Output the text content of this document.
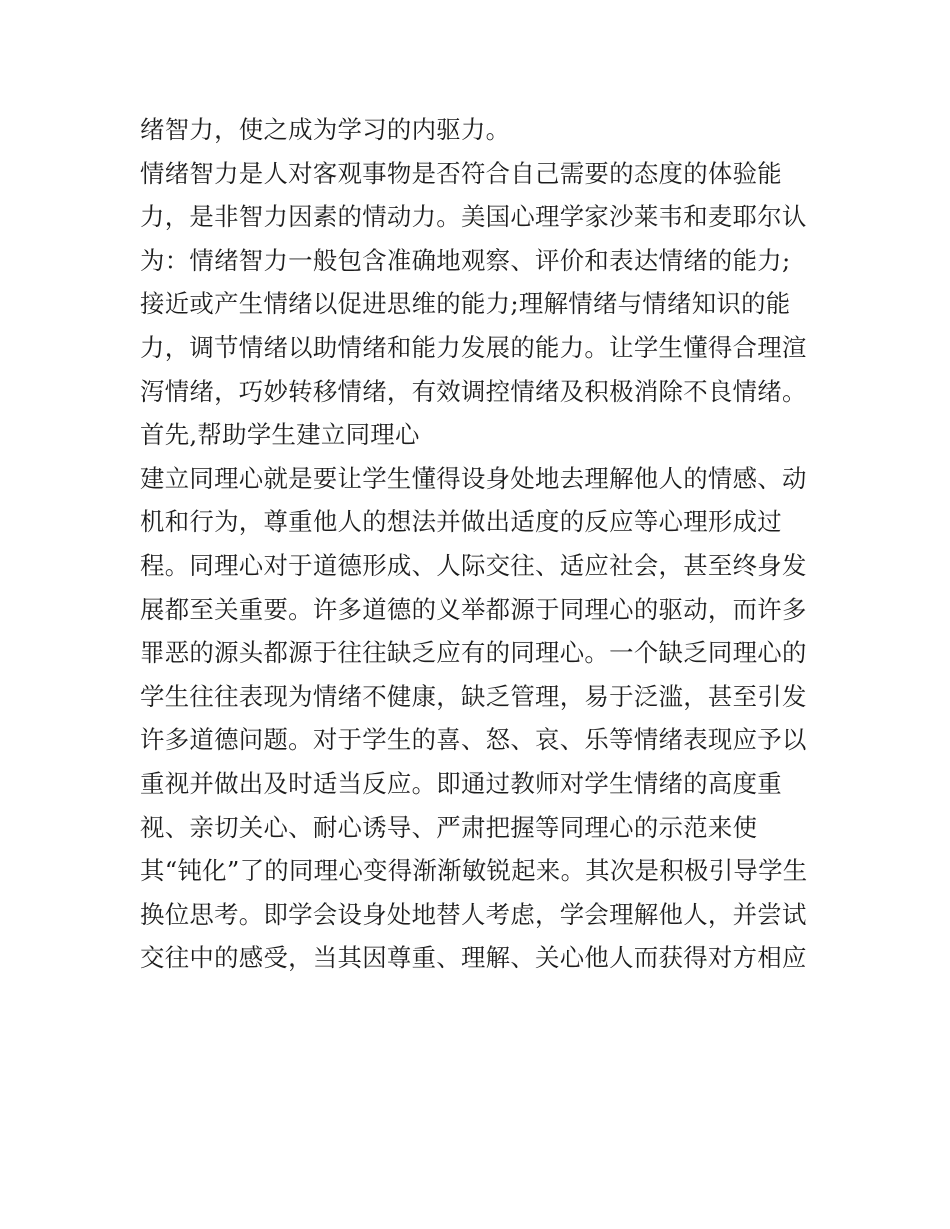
绪智力，使之成为学习的内驱力。
情绪智力是人对客观事物是否符合自己需要的态度的体验能
力，是非智力因素的情动力。美国心理学家沙莱韦和麦耶尔认
为：情绪智力一般包含准确地观察、评价和表达情绪的能力;
接近或产生情绪以促进思维的能力;理解情绪与情绪知识的能
力，调节情绪以助情绪和能力发展的能力。让学生懂得合理渲
泻情绪，巧妙转移情绪，有效调控情绪及积极消除不良情绪。
首先,帮助学生建立同理心
建立同理心就是要让学生懂得设身处地去理解他人的情感、动
机和行为，尊重他人的想法并做出适度的反应等心理形成过
程。同理心对于道德形成、人际交往、适应社会，甚至终身发
展都至关重要。许多道德的义举都源于同理心的驱动，而许多
罪恶的源头都源于往往缺乏应有的同理心。一个缺乏同理心的
学生往往表现为情绪不健康，缺乏管理，易于泛滥，甚至引发
许多道德问题。对于学生的喜、怒、哀、乐等情绪表现应予以
重视并做出及时适当反应。即通过教师对学生情绪的高度重
视、亲切关心、耐心诱导、严肃把握等同理心的示范来使
其“钝化”了的同理心变得渐渐敏锐起来。其次是积极引导学生
换位思考。即学会设身处地替人考虑，学会理解他人，并尝试
交往中的感受，当其因尊重、理解、关心他人而获得对方相应
